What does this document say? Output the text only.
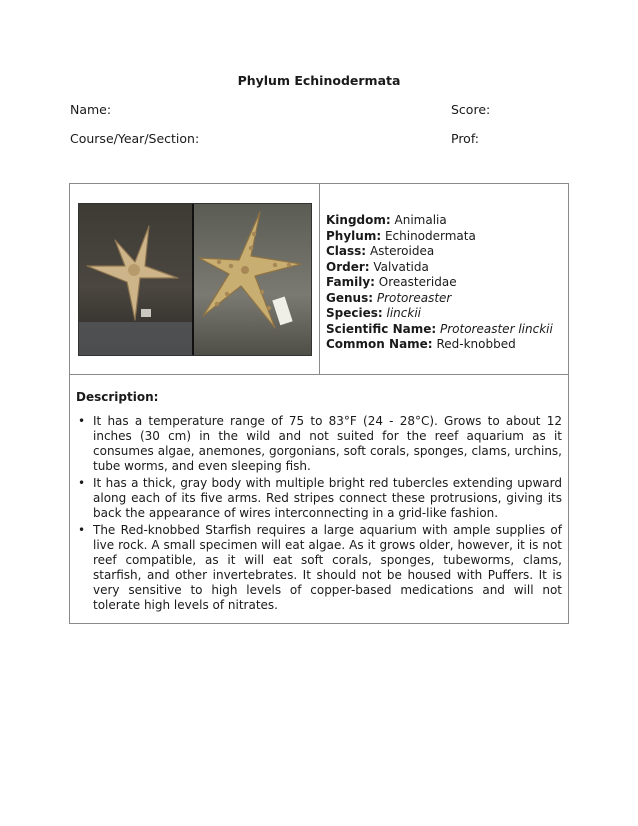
Phylum Echinodermata
Name:	Score:
Course/Year/Section:	Prof:
Kingdom: Animalia
Phylum: Echinodermata
Class: Asteroidea
Order: Valvatida
Family: Oreasteridae
Genus: Protoreaster
Species: linckii
Scientific Name: Protoreaster linckii
Common Name: Red-knobbed
Description:
• It has a temperature range of 75 to 83°F (24 - 28°C). Grows to about 12 inches (30 cm) in the wild and not suited for the reef aquarium as it consumes algae, anemones, gorgonians, soft corals, sponges, clams, urchins, tube worms, and even sleeping fish.
• It has a thick, gray body with multiple bright red tubercles extending upward along each of its five arms. Red stripes connect these protrusions, giving its back the appearance of wires interconnecting in a grid-like fashion.
• The Red-knobbed Starfish requires a large aquarium with ample supplies of live rock. A small specimen will eat algae. As it grows older, however, it is not reef compatible, as it will eat soft corals, sponges, tubeworms, clams, starfish, and other invertebrates. It should not be housed with Puffers. It is very sensitive to high levels of copper-based medications and will not tolerate high levels of nitrates.
